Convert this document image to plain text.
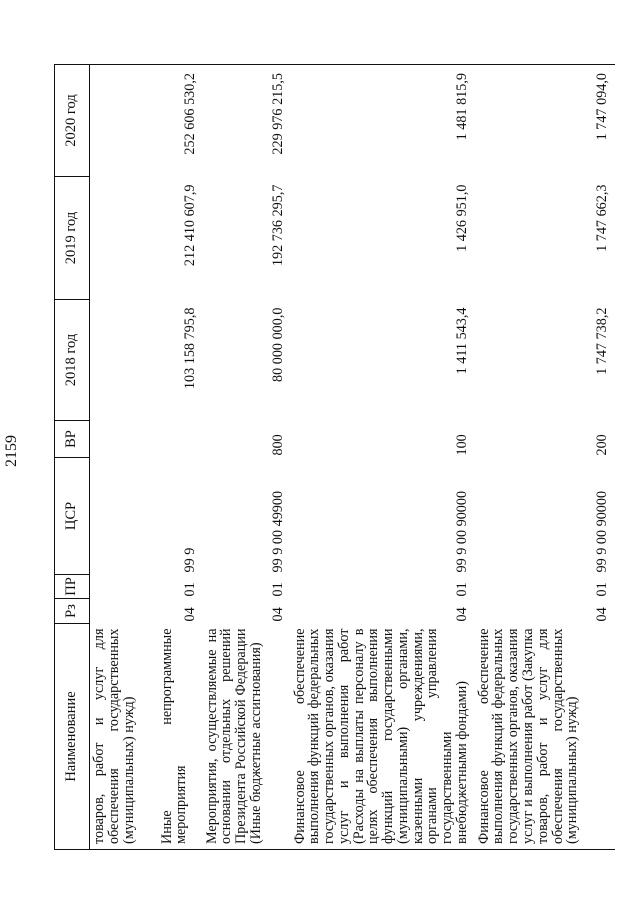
2159
Наименование	Рз	ПР	ЦСР	ВР	2018 год	2019 год	2020 год
товаров, работ и услуг для обеспечения государственных (муниципальных) нужд)							
Иные непрограммные мероприятия	04	01	99 9		103 158 795,8	212 410 607,9	252 606 530,2
Мероприятия, осуществляемые на основании отдельных решений Президента Российской Федерации (Иные бюджетные ассигнования)	04	01	99 9 00 49900	800	80 000 000,0	192 736 295,7	229 976 215,5
Финансовое обеспечение выполнения функций федеральных государственных органов, оказания услуг и выполнения работ (Расходы на выплаты персоналу в целях обеспечения выполнения функций государственными (муниципальными) органами, казенными учреждениями, органами управления государственными внебюджетными фондами)	04	01	99 9 00 90000	100	1 411 543,4	1 426 951,0	1 481 815,9
Финансовое обеспечение выполнения функций федеральных государственных органов, оказания услуг и выполнения работ (Закупка товаров, работ и услуг для обеспечения государственных (муниципальных) нужд)	04	01	99 9 00 90000	200	1 747 738,2	1 747 662,3	1 747 094,0
